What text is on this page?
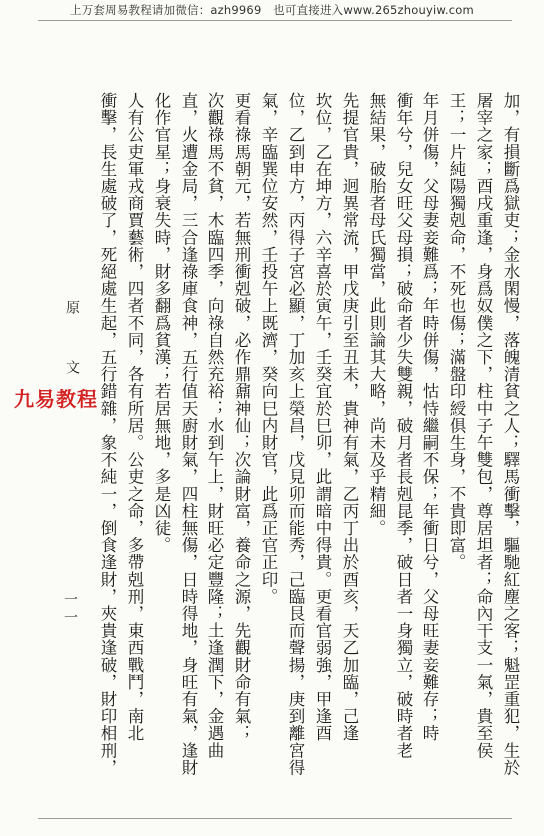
上万套周易教程请加微信：azh9969　也可直接进入www.265zhouyiw.com
加，有損斷爲獄吏；金水閑慢，落魄清貧之人；驛馬衝擊，驅馳紅塵之客；魁罡重犯，生於
屠宰之家；酉戌重逢，身爲奴僕之下，柱中子午雙包，尊居坦者；命內干支一氣，貴至侯
王；一片純陽獨剋命，不死也傷；滿盤印綬俱生身，不貴即富。
年月併傷，父母妻妾難爲；年時併傷，怙恃繼嗣不保；年衝日兮，父母旺妻妾難存；時
衝年兮，兒女旺父母損；破命者少失雙親，破月者長剋昆季，破日者一身獨立，破時者老
無結果，破胎者母氏獨當，此則論其大略，尚未及乎精細。
先提官貴，迥異常流，甲戊庚引至丑未，貴神有氣，乙丙丁出於酉亥，天乙加臨，己逢
坎位，乙在坤方，六辛喜於寅午，壬癸宜於巳卯，此謂暗中得貴。更看官弱強，甲逢酉
位，乙到申方，丙得子宮必顯，丁加亥上榮昌，戊見卯而能秀，己臨艮而聲揚，庚到離宮得
氣，辛臨巽位安然，壬投午上既濟，癸向巳内財官，此爲正官正印。
更看祿馬朝元，若無刑衝剋破，必作鼎鼐神仙；次論財富，養命之源，先觀財命有氣；
次觀祿馬不貧，木臨四季，向祿自然充裕；水到午上，財旺必定豐隆；土逢潤下，金遇曲
直，火遭金局，三合逢祿庫食神，五行值天廚財氣，四柱無傷，日時得地，身旺有氣，逢財
化作官星；身衰失時，財多翻爲貧漢；若居無地，多是凶徒。
人有公吏軍戎商賈藝術，四者不同，各有所居。公吏之命，多帶剋刑，東西戰鬥，南北
衝擊，長生處破了，死絕處生起，五行錯雜，象不純一，倒食逢財，夾貴逢破，財印相刑，
原　文
一一
九易教程
